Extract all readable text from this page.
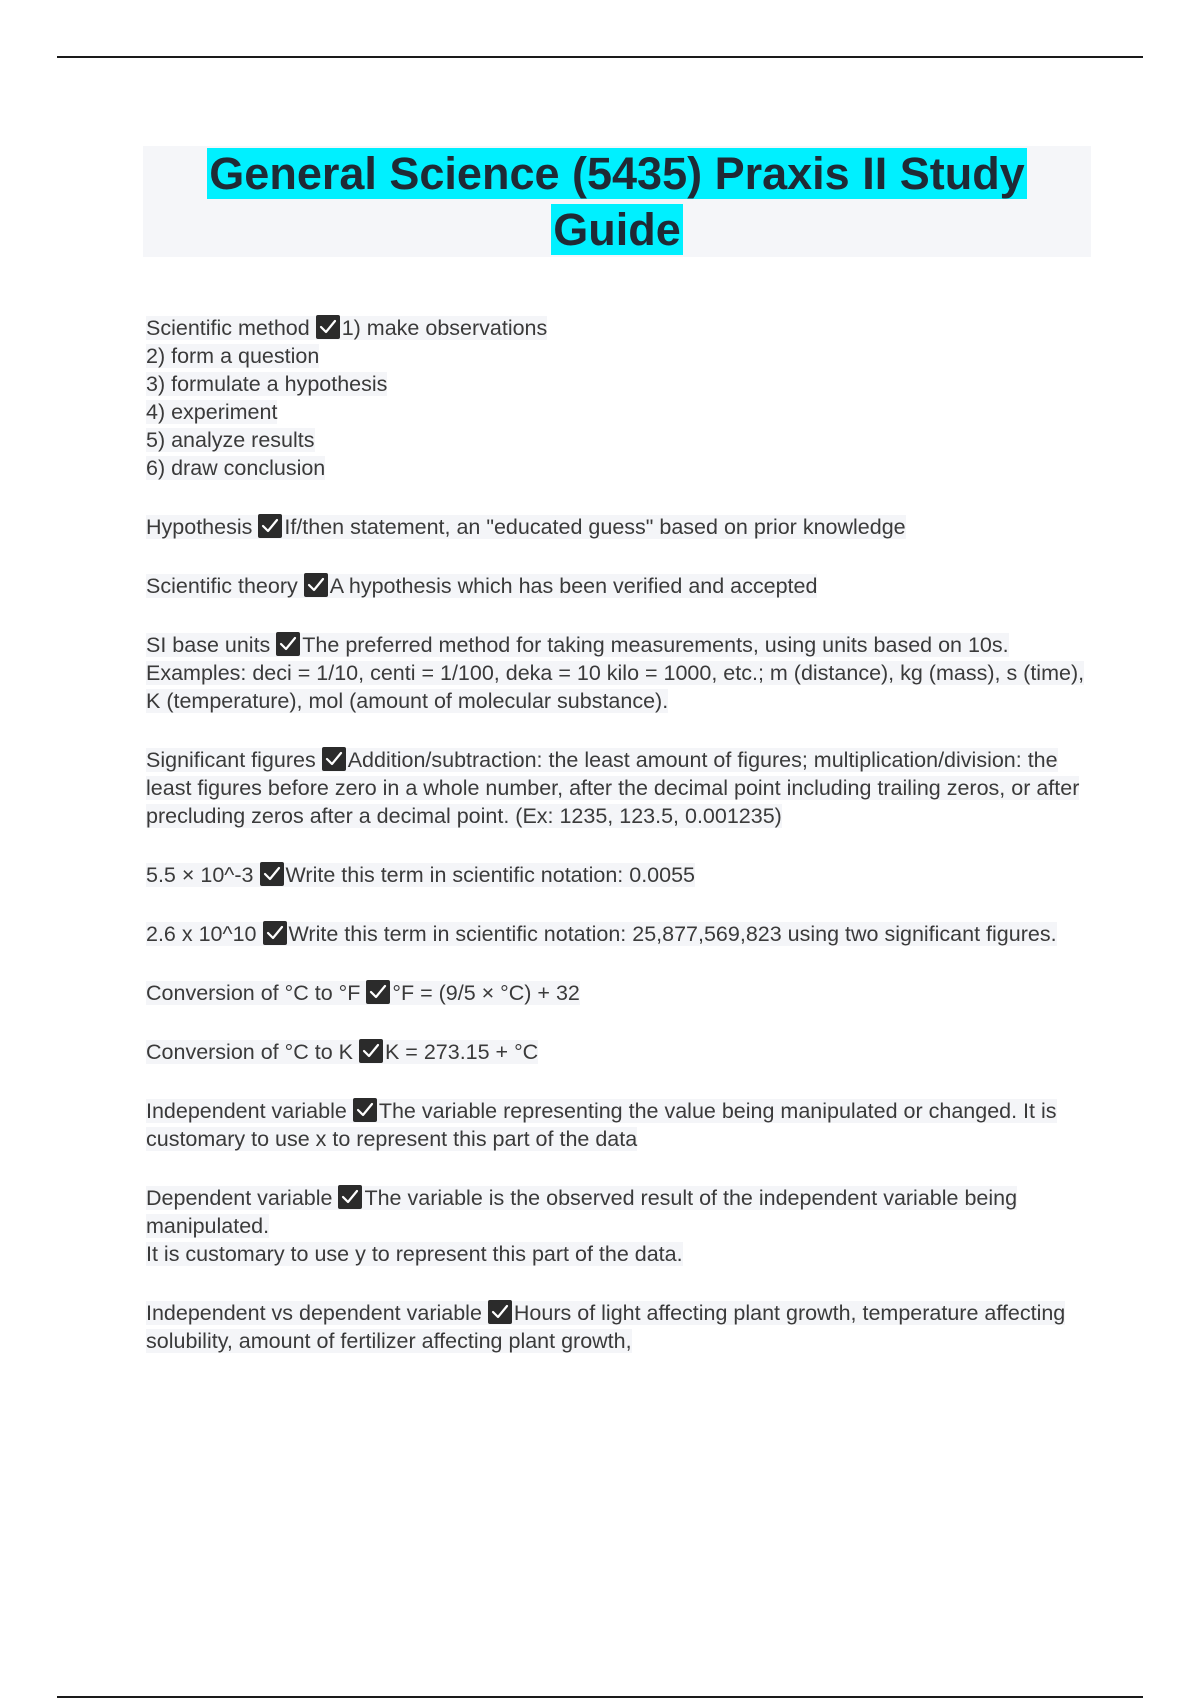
General Science (5435) Praxis II Study Guide
Scientific method 1) make observations
2) form a question
3) formulate a hypothesis
4) experiment
5) analyze results
6) draw conclusion
Hypothesis If/then statement, an "educated guess" based on prior knowledge
Scientific theory A hypothesis which has been verified and accepted
SI base units The preferred method for taking measurements, using units based on 10s. Examples: deci = 1/10, centi = 1/100, deka = 10 kilo = 1000, etc.; m (distance), kg (mass), s (time), K (temperature), mol (amount of molecular substance).
Significant figures Addition/subtraction: the least amount of figures; multiplication/division: the least figures before zero in a whole number, after the decimal point including trailing zeros, or after precluding zeros after a decimal point. (Ex: 1235, 123.5, 0.001235)
5.5 × 10^-3 Write this term in scientific notation: 0.0055
2.6 x 10^10 Write this term in scientific notation: 25,877,569,823 using two significant figures.
Conversion of °C to °F °F = (9/5 × °C) + 32
Conversion of °C to K K = 273.15 + °C
Independent variable The variable representing the value being manipulated or changed. It is customary to use x to represent this part of the data
Dependent variable The variable is the observed result of the independent variable being manipulated.
It is customary to use y to represent this part of the data.
Independent vs dependent variable Hours of light affecting plant growth, temperature affecting solubility, amount of fertilizer affecting plant growth,
